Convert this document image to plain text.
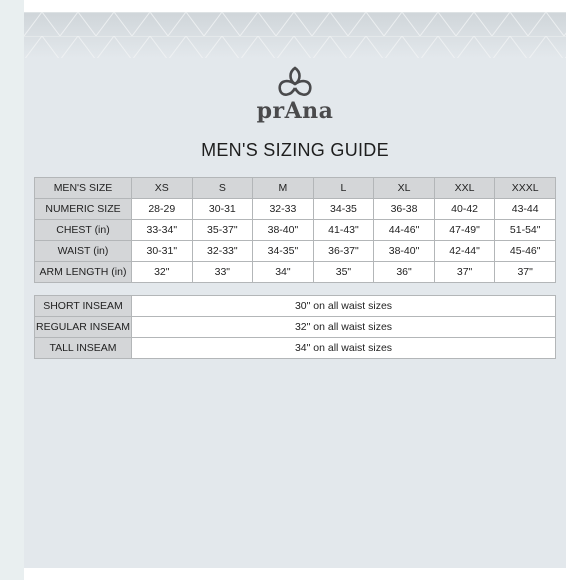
prAna
MEN'S SIZING GUIDE
MEN'S SIZE	XS	S	M	L	XL	XXL	XXXL
NUMERIC SIZE	28-29	30-31	32-33	34-35	36-38	40-42	43-44
CHEST (in)	33-34"	35-37"	38-40"	41-43"	44-46"	47-49"	51-54"
WAIST (in)	30-31"	32-33"	34-35"	36-37"	38-40"	42-44"	45-46"
ARM LENGTH (in)	32"	33"	34"	35"	36"	37"	37"
SHORT INSEAM	30" on all waist sizes
REGULAR INSEAM	32" on all waist sizes
TALL INSEAM	34" on all waist sizes
